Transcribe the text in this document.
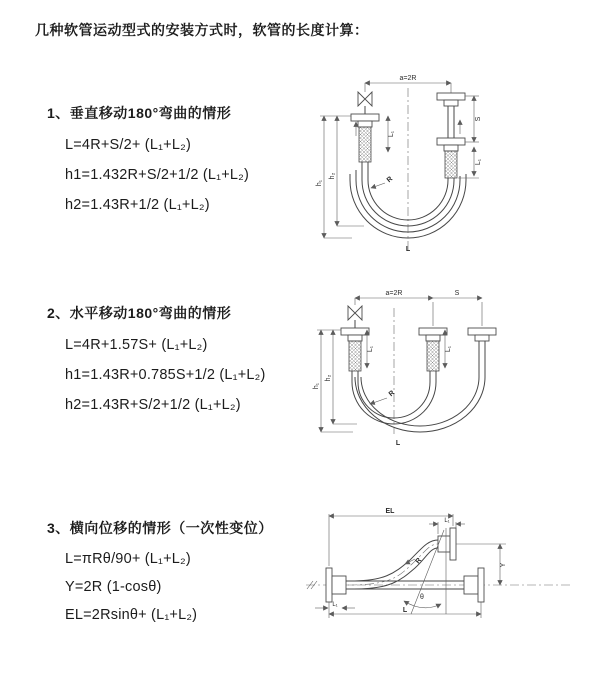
几种软管运动型式的安装方式时，软管的长度计算：
1、垂直移动180°弯曲的情形
L=4R+S/2+ (L₁+L₂)
h1=1.432R+S/2+1/2 (L₁+L₂)
h2=1.43R+1/2 (L₁+L₂)
2、水平移动180°弯曲的情形
L=4R+1.57S+ (L₁+L₂)
h1=1.43R+0.785S+1/2 (L₁+L₂)
h2=1.43R+S/2+1/2 (L₁+L₂)
3、横向位移的情形（一次性变位）
L=πRθ/90+ (L₁+L₂)
Y=2R (1-cosθ)
EL=2Rsinθ+ (L₁+L₂)
a=2R
h₁
h₂
L₁
S
L₁
R
L
a=2R	S
h₁
h₂
L₁	L₁
R
L
EL
L₁
Y
θ
R
L₁
L
